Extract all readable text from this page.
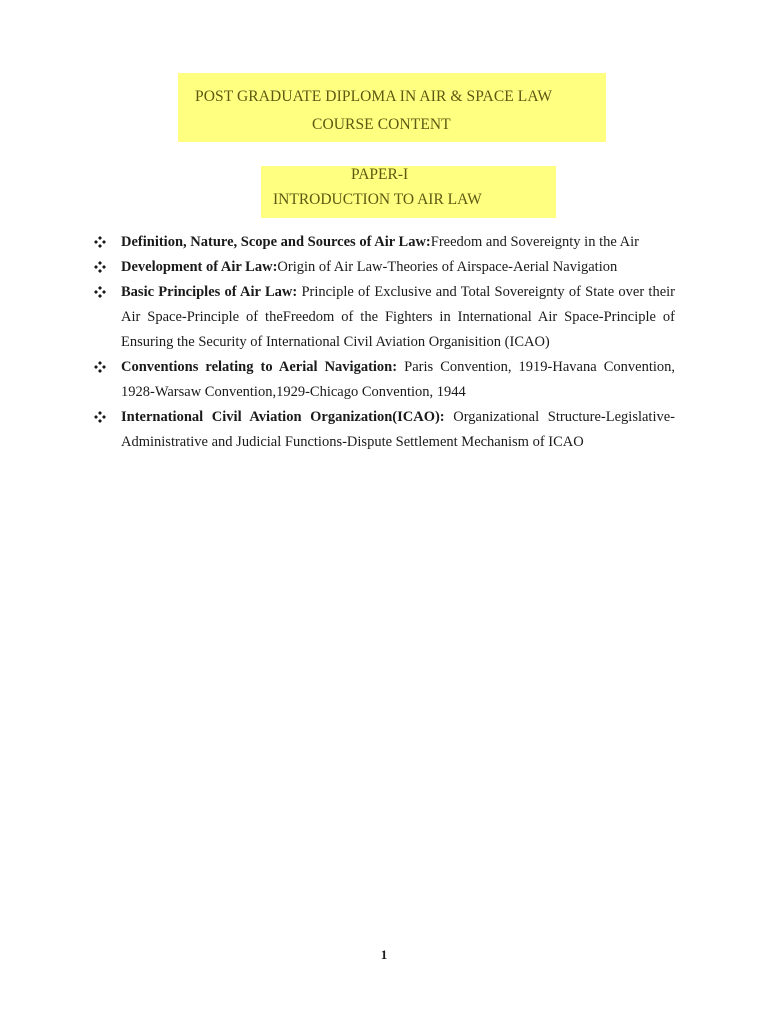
POST GRADUATE DIPLOMA IN AIR & SPACE LAW
COURSE CONTENT
PAPER-I
INTRODUCTION TO AIR LAW
Definition, Nature, Scope and Sources of Air Law:Freedom and Sovereignty in the Air
Development of Air Law:Origin of Air Law-Theories of Airspace-Aerial Navigation
Basic Principles of Air Law: Principle of Exclusive and Total Sovereignty of State over their Air Space-Principle of theFreedom of the Fighters in International Air Space-Principle of Ensuring the Security of International Civil Aviation Organisition (ICAO)
Conventions relating to Aerial Navigation: Paris Convention, 1919-Havana Convention, 1928-Warsaw Convention,1929-Chicago Convention, 1944
International Civil Aviation Organization(ICAO): Organizational Structure-Legislative-Administrative and Judicial Functions-Dispute Settlement Mechanism of ICAO
1
